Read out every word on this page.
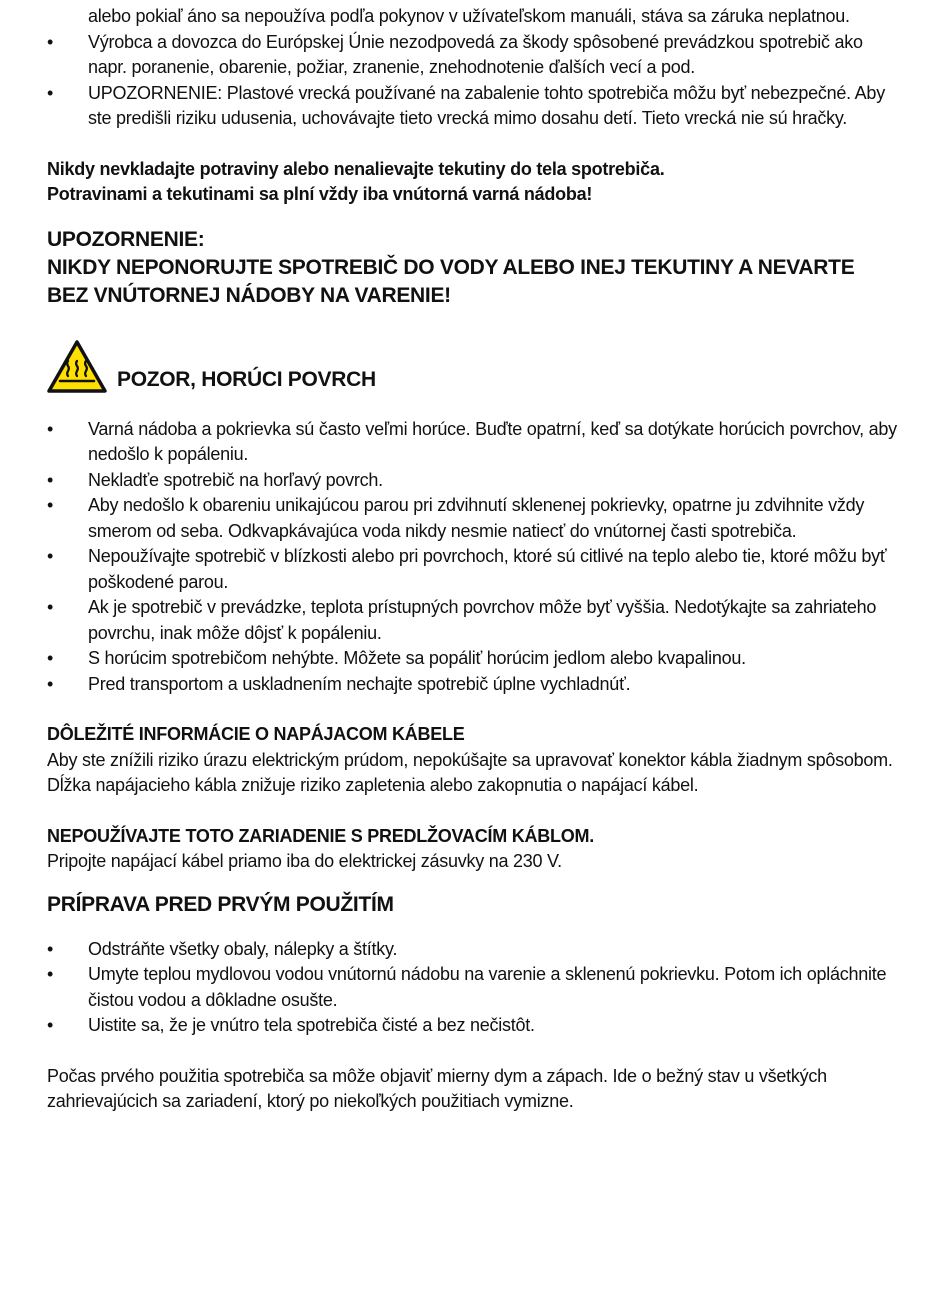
alebo pokiaľ áno sa nepoužíva podľa pokynov v užívateľskom manuáli, stáva sa záruka neplatnou.
• Výrobca a dovozca do Európskej Únie nezodpovedá za škody spôsobené prevádzkou spotrebič ako napr. poranenie, obarenie, požiar, zranenie, znehodnotenie ďalších vecí a pod.
• UPOZORNENIE: Plastové vrecká používané na zabalenie tohto spotrebiča môžu byť nebezpečné. Aby ste predišli riziku udusenia, uchovávajte tieto vrecká mimo dosahu detí. Tieto vrecká nie sú hračky.

Nikdy nevkladajte potraviny alebo nenalievajte tekutiny do tela spotrebiča.

Potravinami a tekutinami sa plní vždy iba vnútorná varná nádoba!

UPOZORNENIE:

NIKDY NEPONORUJTE SPOTREBIČ DO VODY ALEBO INEJ TEKUTINY A NEVARTE BEZ VNÚTORNEJ NÁDOBY NA VARENIE!

POZOR, HORÚCI POVRCH
• Varná nádoba a pokrievka sú často veľmi horúce. Buďte opatrní, keď sa dotýkate horúcich povrchov, aby nedošlo k popáleniu.
• Nekladťe spotrebič na horľavý povrch.
• Aby nedošlo k obareniu unikajúcou parou pri zdvihnutí sklenenej pokrievky, opatrne ju zdvihnite vždy smerom od seba. Odkvapkávajúca voda nikdy nesmie natiecť do vnútornej časti spotrebiča.
• Nepoužívajte spotrebič v blízkosti alebo pri povrchoch, ktoré sú citlivé na teplo alebo tie, ktoré môžu byť poškodené parou.
• Ak je spotrebič v prevádzke, teplota prístupných povrchov môže byť vyššia. Nedotýkajte sa zahriateho povrchu, inak môže dôjsť k popáleniu.
• S horúcim spotrebičom nehýbte. Môžete sa popáliť horúcim jedlom alebo kvapalinou.
• Pred transportom a uskladnením nechajte spotrebič úplne vychladnúť.

DÔLEŽITÉ INFORMÁCIE O NAPÁJACOM KÁBELE

Aby ste znížili riziko úrazu elektrickým prúdom, nepokúšajte sa upravovať konektor kábla žiadnym spôsobom. Dĺžka napájacieho kábla znižuje riziko zapletenia alebo zakopnutia o napájací kábel.

NEPOUŽÍVAJTE TOTO ZARIADENIE S PREDLŽOVACÍM KÁBLOM.

Pripojte napájací kábel priamo iba do elektrickej zásuvky na 230 V.

PRÍPRAVA PRED PRVÝM POUŽITÍM

• Odstráňte všetky obaly, nálepky a štítky.
• Umyte teplou mydlovou vodou vnútornú nádobu na varenie a sklenenú pokrievku. Potom ich opláchnite čistou vodou a dôkladne osušte.
• Uistite sa, že je vnútro tela spotrebiča čisté a bez nečistôt.

Počas prvého použitia spotrebiča sa môže objaviť mierny dym a zápach. Ide o bežný stav u všetkých zahrievajúcich sa zariadení, ktorý po niekoľkých použitiach vymizne.
